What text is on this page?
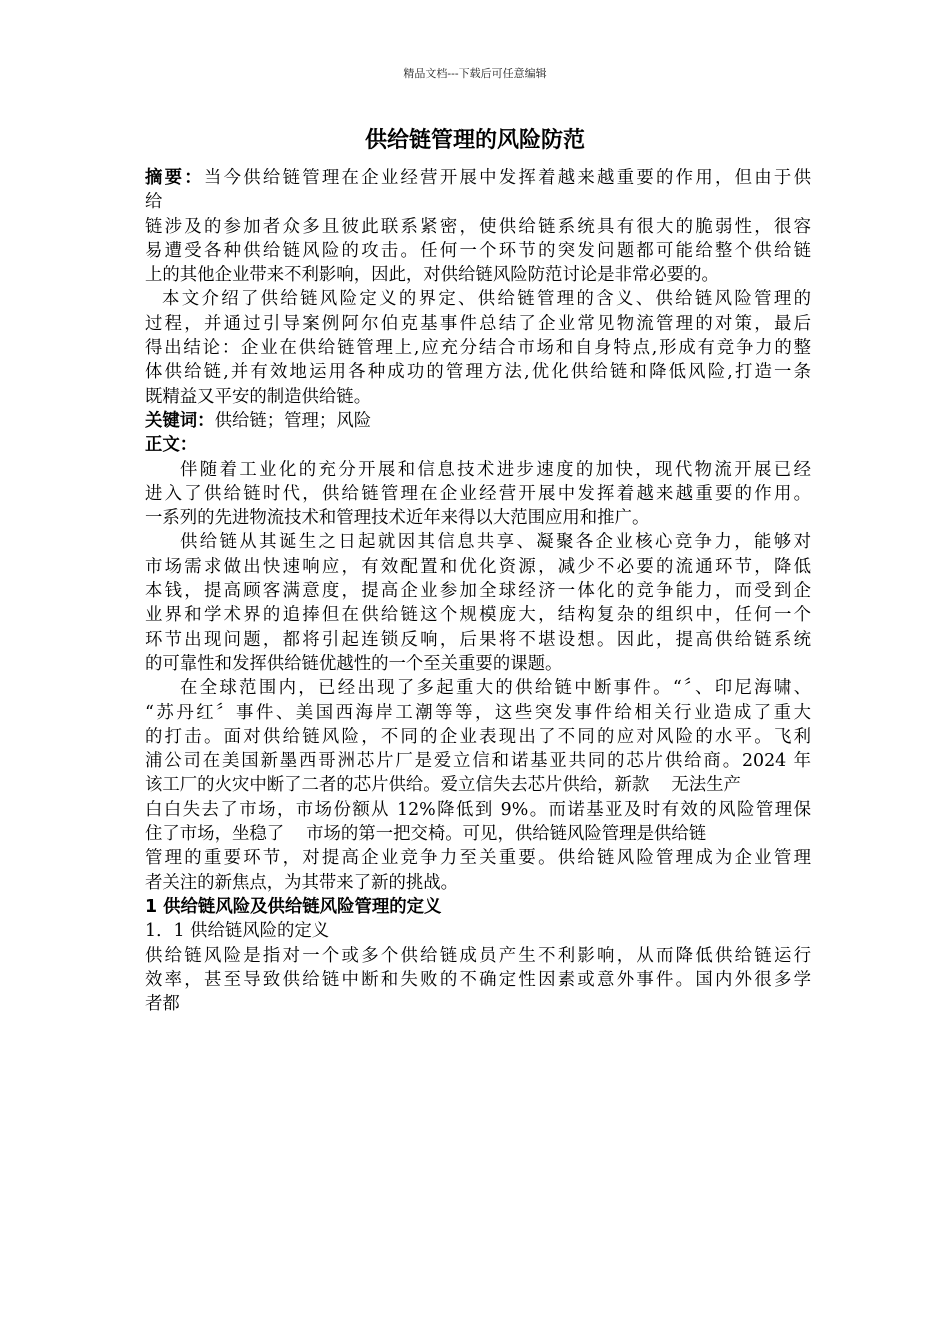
精品文档---下载后可任意编辑
供给链管理的风险防范
摘要：当今供给链管理在企业经营开展中发挥着越来越重要的作用，但由于供
给
链涉及的参加者众多且彼此联系紧密，使供给链系统具有很大的脆弱性，很容
易遭受各种供给链风险的攻击。任何一个环节的突发问题都可能给整个供给链
上的其他企业带来不利影响，因此，对供给链风险防范讨论是非常必要的。
本文介绍了供给链风险定义的界定、供给链管理的含义、供给链风险管理的
过程，并通过引导案例阿尔伯克基事件总结了企业常见物流管理的对策，最后
得出结论：企业在供给链管理上,应充分结合市场和自身特点,形成有竞争力的整
体供给链,并有效地运用各种成功的管理方法,优化供给链和降低风险,打造一条
既精益又平安的制造供给链。
关键词：供给链；管理；风险
正文：
伴随着工业化的充分开展和信息技术进步速度的加快，现代物流开展已经
进入了供给链时代，供给链管理在企业经营开展中发挥着越来越重要的作用。
一系列的先进物流技术和管理技术近年来得以大范围应用和推广。
供给链从其诞生之日起就因其信息共享、凝聚各企业核心竞争力，能够对
市场需求做出快速响应，有效配置和优化资源，减少不必要的流通环节，降低
本钱，提高顾客满意度，提高企业参加全球经济一体化的竞争能力，而受到企
业界和学术界的追捧但在供给链这个规模庞大，结构复杂的组织中，任何一个
环节出现问题，都将引起连锁反响，后果将不堪设想。因此，提高供给链系统
的可靠性和发挥供给链优越性的一个至关重要的课题。
在全球范围内，已经出现了多起重大的供给链中断事件。“〞、印尼海啸、
“苏丹红〞事件、美国西海岸工潮等等，这些突发事件给相关行业造成了重大
的打击。面对供给链风险，不同的企业表现出了不同的应对风险的水平。飞利
浦公司在美国新墨西哥洲芯片厂是爱立信和诺基亚共同的芯片供给商。2024 年
该工厂的火灾中断了二者的芯片供给。爱立信失去芯片供给，新款 无法生产
白白失去了市场，市场份额从 12%降低到 9%。而诺基亚及时有效的风险管理保
住了市场，坐稳了 市场的第一把交椅。可见，供给链风险管理是供给链
管理的重要环节，对提高企业竞争力至关重要。供给链风险管理成为企业管理
者关注的新焦点，为其带来了新的挑战。
1 供给链风险及供给链风险管理的定义
1．1 供给链风险的定义
供给链风险是指对一个或多个供给链成员产生不利影响，从而降低供给链运行
效率，甚至导致供给链中断和失败的不确定性因素或意外事件。国内外很多学
者都
